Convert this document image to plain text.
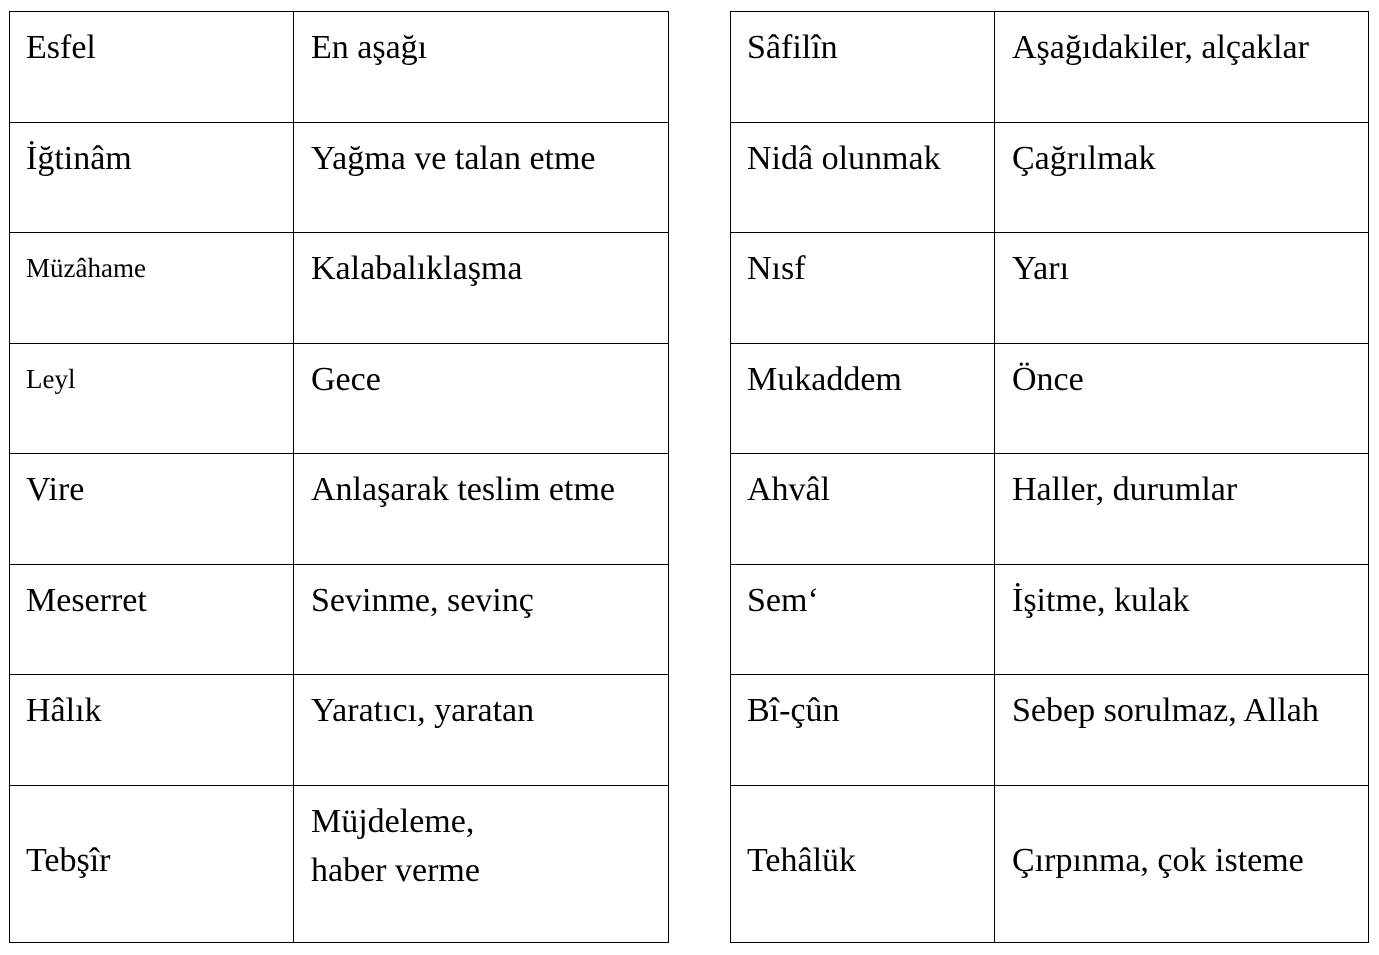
Esfel	En aşağı
İğtinâm	Yağma ve talan etme
Müzâhame	Kalabalıklaşma
Leyl	Gece
Vire	Anlaşarak teslim etme
Meserret	Sevinme, sevinç
Hâlık	Yaratıcı, yaratan
Tebşîr	Müjdeleme, haber verme
Sâfilîn	Aşağıdakiler, alçaklar
Nidâ olunmak	Çağrılmak
Nısf	Yarı
Mukaddem	Önce
Ahvâl	Haller, durumlar
Sem‘	İşitme, kulak
Bî-çûn	Sebep sorulmaz, Allah
Tehâlük	Çırpınma, çok isteme
